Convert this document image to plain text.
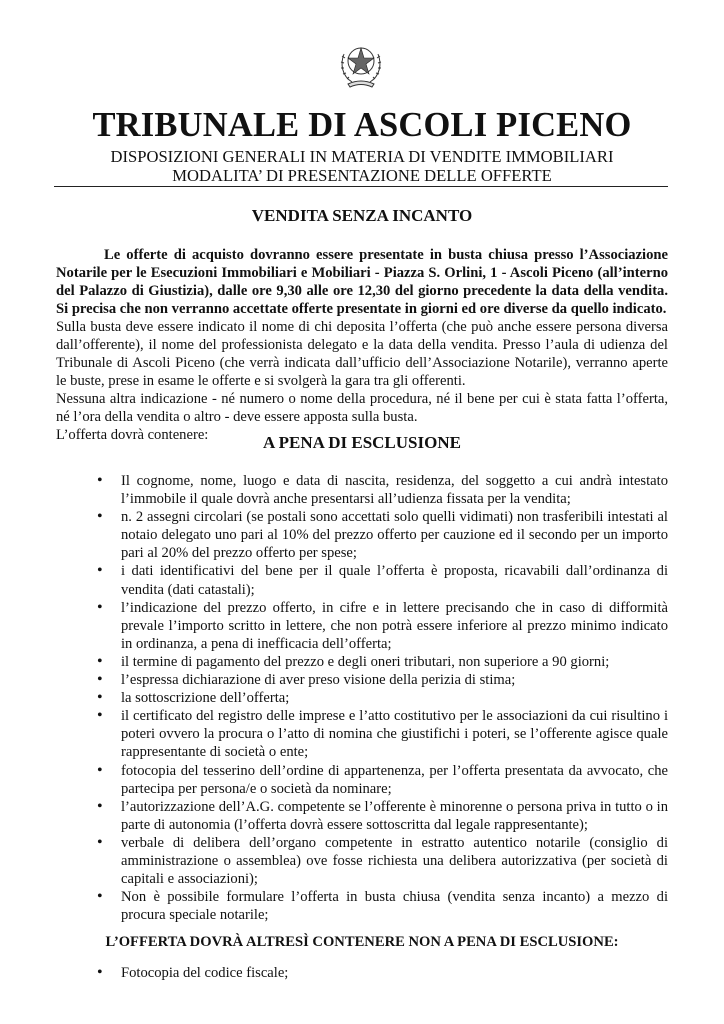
TRIBUNALE DI ASCOLI PICENO
DISPOSIZIONI GENERALI IN MATERIA DI VENDITE IMMOBILIARI
MODALITA’ DI PRESENTAZIONE DELLE OFFERTE
VENDITA SENZA INCANTO

Le offerte di acquisto dovranno essere presentate in busta chiusa presso l’Associazione Notarile per le Esecuzioni Immobiliari e Mobiliari - Piazza S. Orlini, 1 - Ascoli Piceno (all’interno del Palazzo di Giustizia), dalle ore 9,30 alle ore 12,30 del giorno precedente la data della vendita. Si precisa che non verranno accettate offerte presentate in giorni ed ore diverse da quello indicato.

Sulla busta deve essere indicato il nome di chi deposita l’offerta (che può anche essere persona diversa dall’offerente), il nome del professionista delegato e la data della vendita. Presso l’aula di udienza del Tribunale di Ascoli Piceno (che verrà indicata dall’ufficio dell’Associazione Notarile), verranno aperte le buste, prese in esame le offerte e si svolgerà la gara tra gli offerenti.

Nessuna altra indicazione - né numero o nome della procedura, né il bene per cui è stata fatta l’offerta, né l’ora della vendita o altro - deve essere apposta sulla busta.

L’offerta dovrà contenere:	A PENA DI ESCLUSIONE
• Il cognome, nome, luogo e data di nascita, residenza, del soggetto a cui andrà intestato l’immobile il quale dovrà anche presentarsi all’udienza fissata per la vendita;
• n. 2 assegni circolari (se postali sono accettati solo quelli vidimati) non trasferibili intestati al notaio delegato uno pari al 10% del prezzo offerto per cauzione ed il secondo per un importo pari al 20% del prezzo offerto per spese;
• i dati identificativi del bene per il quale l’offerta è proposta, ricavabili dall’ordinanza di vendita (dati catastali);
• l’indicazione del prezzo offerto, in cifre e in lettere precisando che in caso di difformità prevale l’importo scritto in lettere, che non potrà essere inferiore al prezzo minimo indicato in ordinanza, a pena di inefficacia dell’offerta;
• il termine di pagamento del prezzo e degli oneri tributari, non superiore a 90 giorni;
• l’espressa dichiarazione di aver preso visione della perizia di stima;
• la sottoscrizione dell’offerta;
• il certificato del registro delle imprese e l’atto costitutivo per le associazioni da cui risultino i poteri ovvero la procura o l’atto di nomina che giustifichi i poteri, se l’offerente agisce quale rappresentante di società o ente;
• fotocopia del tesserino dell’ordine di appartenenza, per l’offerta presentata da avvocato, che partecipa per persona/e o società da nominare;
• l’autorizzazione dell’A.G. competente se l’offerente è minorenne o persona priva in tutto o in parte di autonomia (l’offerta dovrà essere sottoscritta dal legale rappresentante);
• verbale di delibera dell’organo competente in estratto autentico notarile (consiglio di amministrazione o assemblea) ove fosse richiesta una delibera autorizzativa (per società di capitali e associazioni);
• Non è possibile formulare l’offerta in busta chiusa (vendita senza incanto) a mezzo di procura speciale notarile;
L’OFFERTA DOVRÀ ALTRESÌ CONTENERE NON A PENA DI ESCLUSIONE:
• Fotocopia del codice fiscale;
